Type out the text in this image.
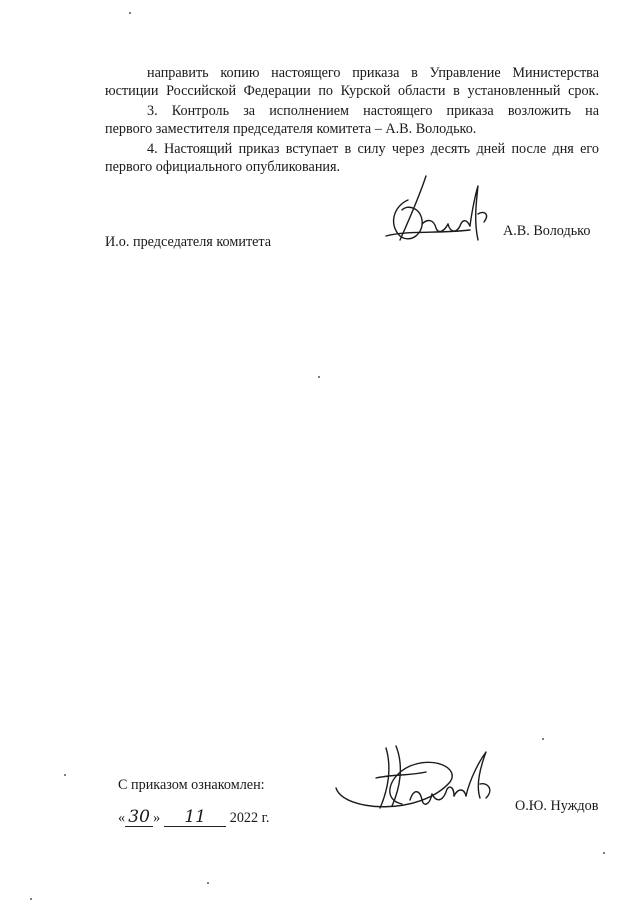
направить копию настоящего приказа в Управление Министерства
юстиции Российской Федерации по Курской области в установленный срок.
3. Контроль за исполнением настоящего приказа возложить на
первого заместителя председателя комитета – А.В. Володько.
4. Настоящий приказ вступает в силу через десять дней после дня его
первого официального опубликования.
И.о. председателя комитета
А.В. Володько
С приказом ознакомлен:
« 30 » 11 2022 г.
О.Ю. Нуждов
